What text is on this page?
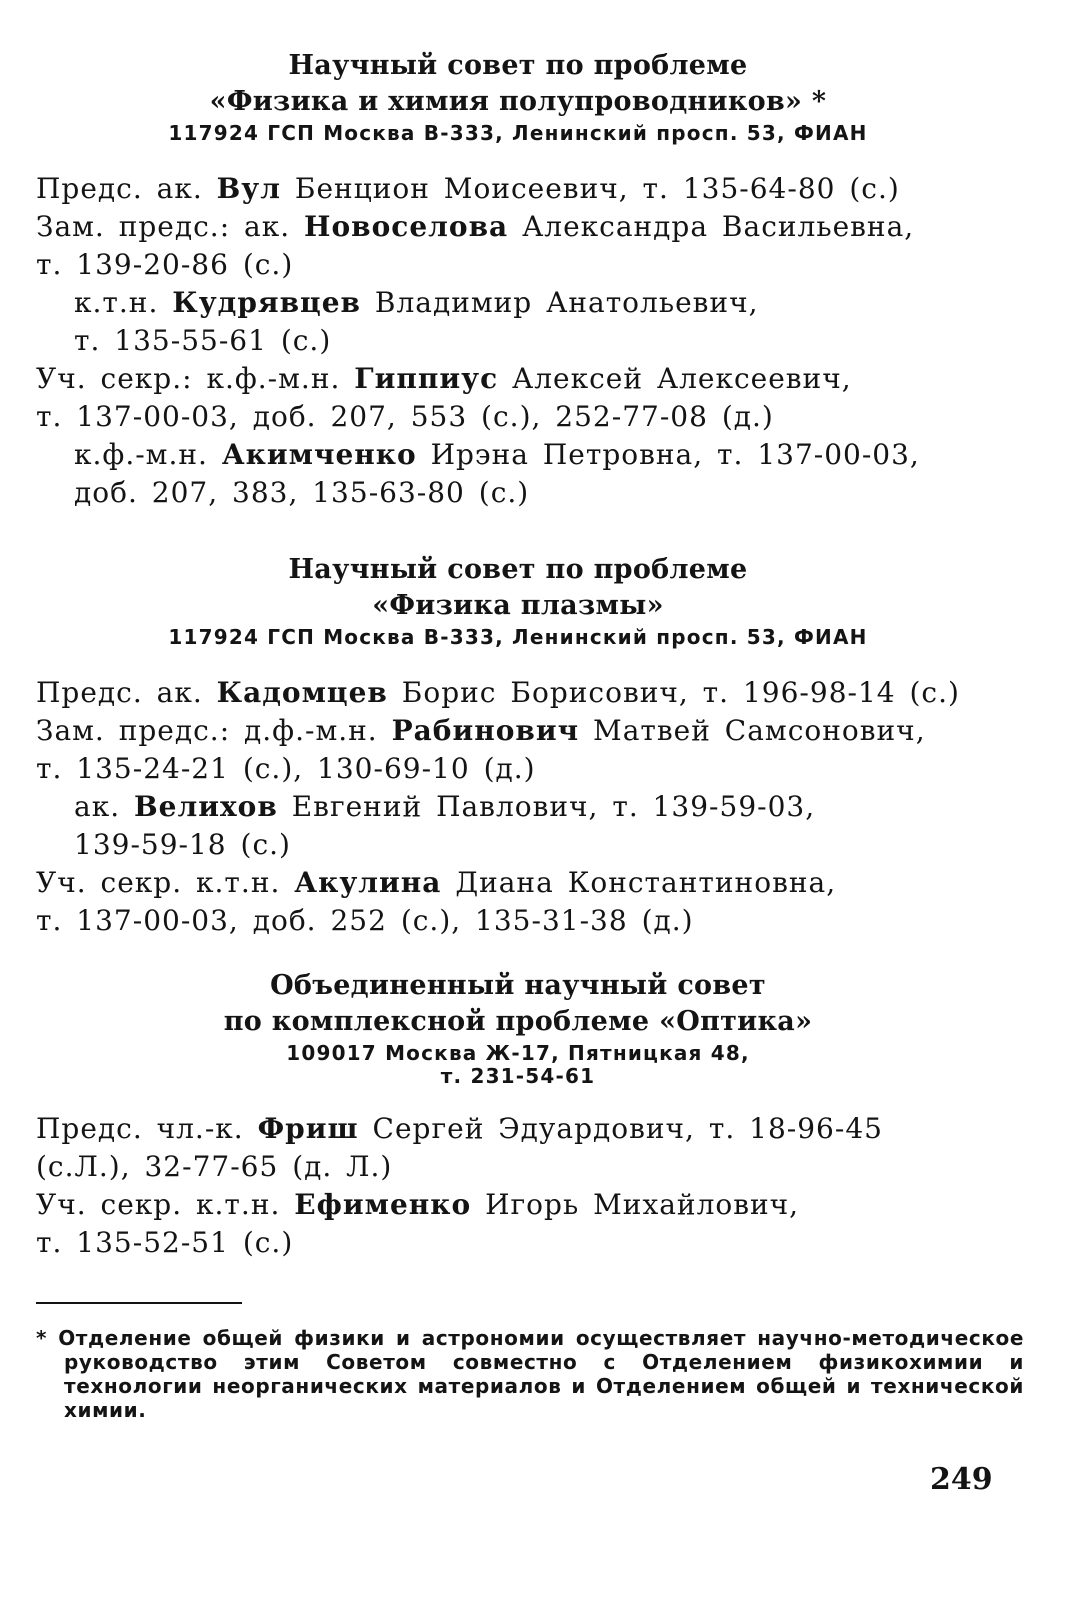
Научный совет по проблеме
«Физика и химия полупроводников» *
117924 ГСП Москва В-333, Ленинский просп. 53, ФИАН
Предс. ак. Вул Бенцион Моисеевич, т. 135-64-80 (с.)
Зам. предс.: ак. Новоселова Александра Васильевна,
т. 139-20-86 (с.)
к.т.н. Кудрявцев Владимир Анатольевич,
т. 135-55-61 (с.)
Уч. секр.: к.ф.-м.н. Гиппиус Алексей Алексеевич,
т. 137-00-03, доб. 207, 553 (с.), 252-77-08 (д.)
к.ф.-м.н. Акимченко Ирэна Петровна, т. 137-00-03,
доб. 207, 383, 135-63-80 (с.)
Научный совет по проблеме
«Физика плазмы»
117924 ГСП Москва В-333, Ленинский просп. 53, ФИАН
Предс. ак. Кадомцев Борис Борисович, т. 196-98-14 (с.)
Зам. предс.: д.ф.-м.н. Рабинович Матвей Самсонович,
т. 135-24-21 (с.), 130-69-10 (д.)
ак. Велихов Евгений Павлович, т. 139-59-03,
139-59-18 (с.)
Уч. секр. к.т.н. Акулина Диана Константиновна,
т. 137-00-03, доб. 252 (с.), 135-31-38 (д.)
Объединенный научный совет
по комплексной проблеме «Оптика»
109017 Москва Ж-17, Пятницкая 48,
т. 231-54-61
Предс. чл.-к. Фриш Сергей Эдуардович, т. 18-96-45
(с.Л.), 32-77-65 (д. Л.)
Уч. секр. к.т.н. Ефименко Игорь Михайлович,
т. 135-52-51 (с.)
* Отделение общей физики и астрономии осуществляет научно-методическое руководство этим Советом совместно с Отделением физикохимии и технологии неорганических материалов и Отделением общей и технической химии.
249
